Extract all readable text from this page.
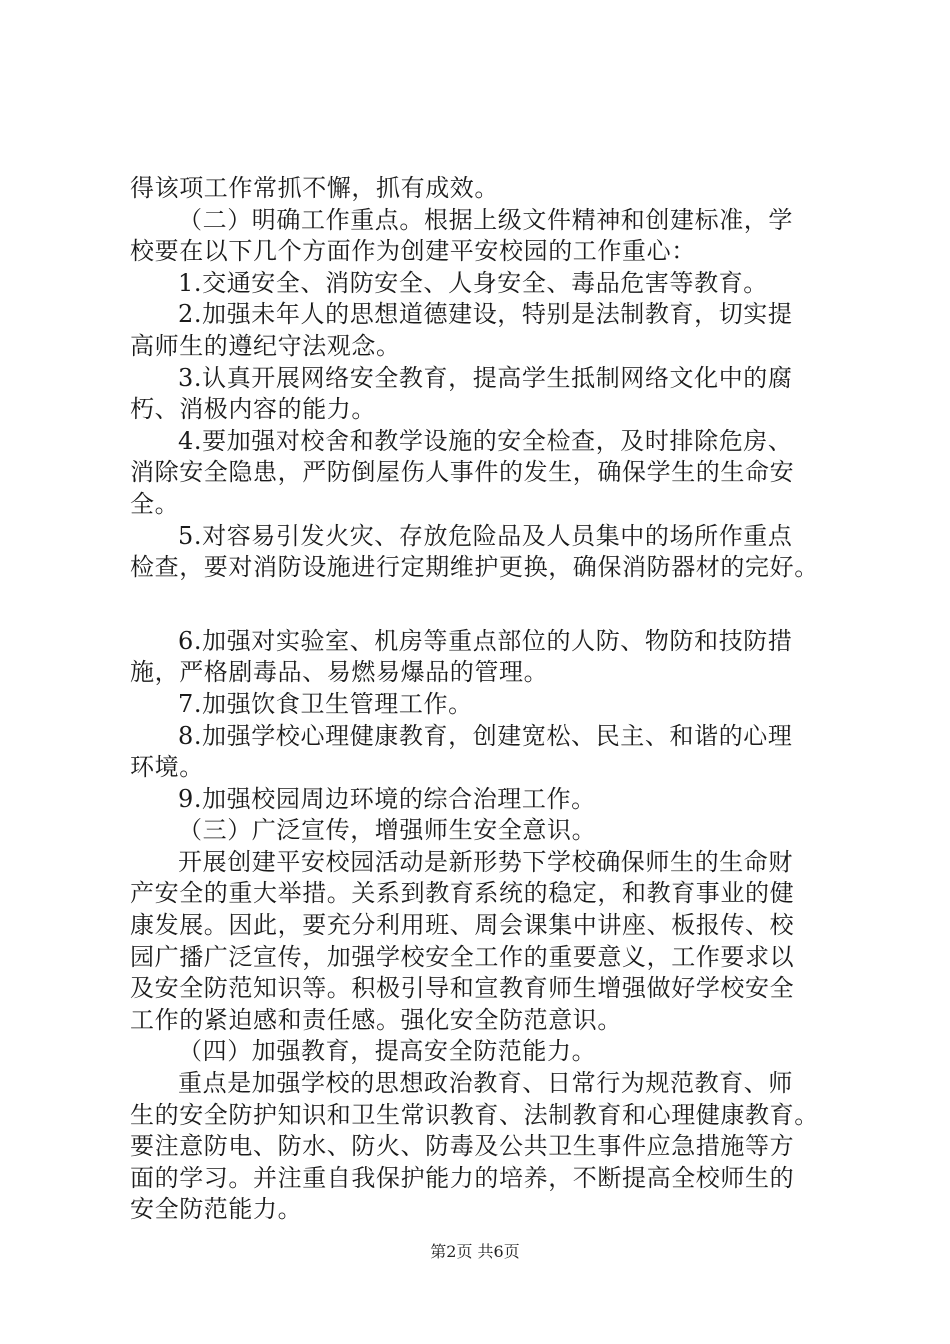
得该项工作常抓不懈，抓有成效。
（二）明确工作重点。根据上级文件精神和创建标准，学
校要在以下几个方面作为创建平安校园的工作重心：
1.交通安全、消防安全、人身安全、毒品危害等教育。
2.加强未年人的思想道德建设，特别是法制教育，切实提
高师生的遵纪守法观念。
3.认真开展网络安全教育，提高学生抵制网络文化中的腐
朽、消极内容的能力。
4.要加强对校舍和教学设施的安全检查，及时排除危房、
消除安全隐患，严防倒屋伤人事件的发生，确保学生的生命安
全。
5.对容易引发火灾、存放危险品及人员集中的场所作重点
检查，要对消防设施进行定期维护更换，确保消防器材的完好。
6.加强对实验室、机房等重点部位的人防、物防和技防措
施，严格剧毒品、易燃易爆品的管理。
7.加强饮食卫生管理工作。
8.加强学校心理健康教育，创建宽松、民主、和谐的心理
环境。
9.加强校园周边环境的综合治理工作。
（三）广泛宣传，增强师生安全意识。
开展创建平安校园活动是新形势下学校确保师生的生命财
产安全的重大举措。关系到教育系统的稳定，和教育事业的健
康发展。因此，要充分利用班、周会课集中讲座、板报传、校
园广播广泛宣传，加强学校安全工作的重要意义，工作要求以
及安全防范知识等。积极引导和宣教育师生增强做好学校安全
工作的紧迫感和责任感。强化安全防范意识。
（四）加强教育，提高安全防范能力。
重点是加强学校的思想政治教育、日常行为规范教育、师
生的安全防护知识和卫生常识教育、法制教育和心理健康教育。
要注意防电、防水、防火、防毒及公共卫生事件应急措施等方
面的学习。并注重自我保护能力的培养，不断提高全校师生的
安全防范能力。
第2页 共6页
